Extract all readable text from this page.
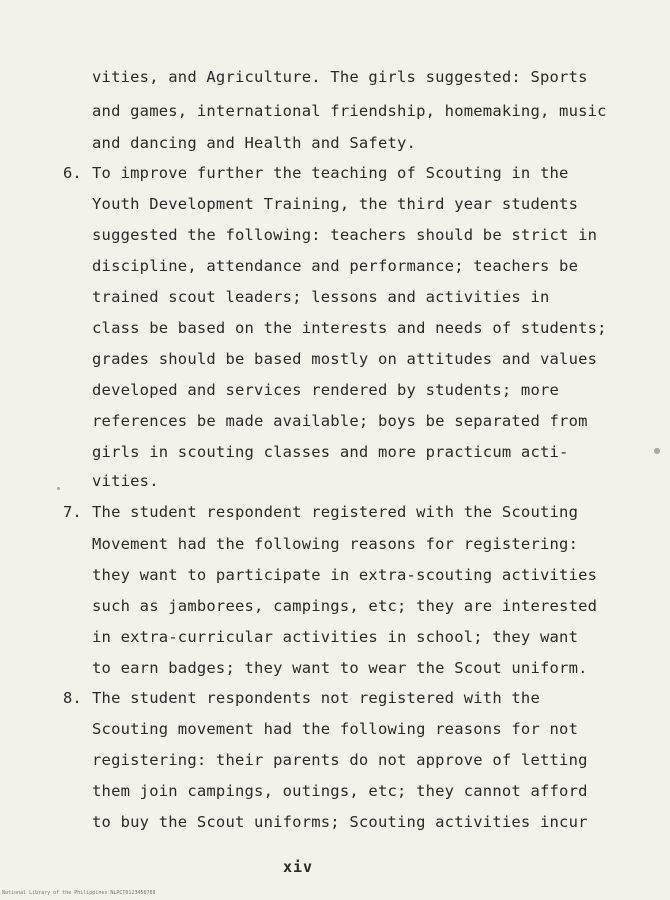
vities, and Agriculture. The girls suggested: Sports
and games, international friendship, homemaking, music
and dancing and Health and Safety.
6. To improve further the teaching of Scouting in the
Youth Development Training, the third year students
suggested the following: teachers should be strict in
discipline, attendance and performance; teachers be
trained scout leaders; lessons and activities in
class be based on the interests and needs of students;
grades should be based mostly on attitudes and values
developed and services rendered by students; more
references be made available; boys be separated from
girls in scouting classes and more practicum acti-
vities.
7. The student respondent registered with the Scouting
Movement had the following reasons for registering:
they want to participate in extra-scouting activities
such as jamborees, campings, etc; they are interested
in extra-curricular activities in school; they want
to earn badges; they want to wear the Scout uniform.
8. The student respondents not registered with the
Scouting movement had the following reasons for not
registering: their parents do not approve of letting
them join campings, outings, etc; they cannot afford
to buy the Scout uniforms; Scouting activities incur
xiv
National Library of the Philippines NLPCT0123456789
